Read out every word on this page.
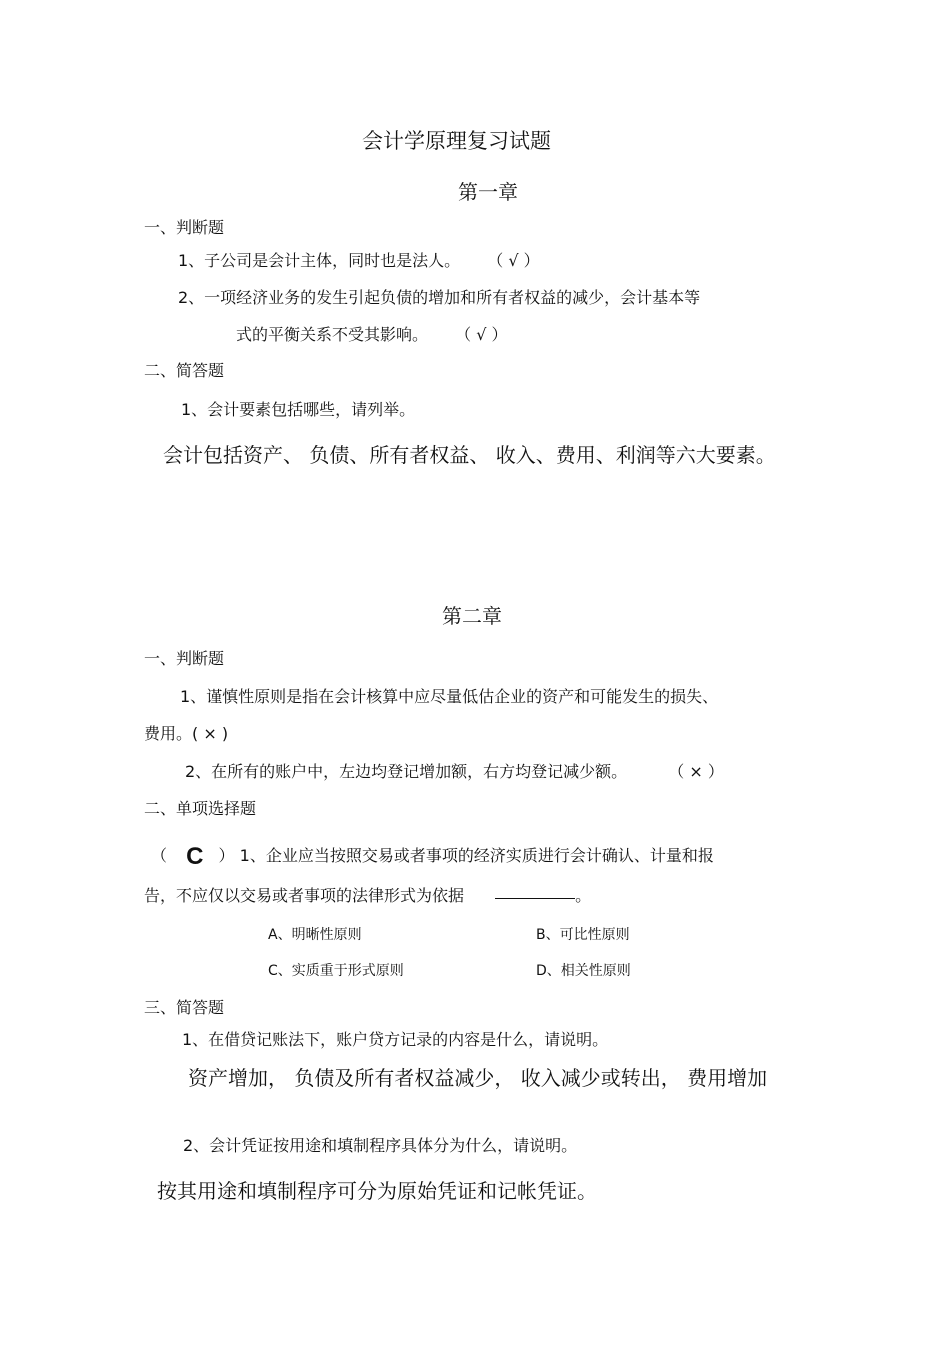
会计学原理复习试题
第一章
一、判断题
1、子公司是会计主体，同时也是法人。 （ √ ）
2、一项经济业务的发生引起负债的增加和所有者权益的减少，会计基本等
式的平衡关系不受其影响。 （ √ ）
二、简答题
1、会计要素包括哪些，请列举。
会计包括资产、 负债、所有者权益、 收入、费用、利润等六大要素。
第二章
一、判断题
1、谨慎性原则是指在会计核算中应尽量低估企业的资产和可能发生的损失、
费用。( × )
2、在所有的账户中，左边均登记增加额，右方均登记减少额。	（ × ）
二、单项选择题
（ C ） 1、企业应当按照交易或者事项的经济实质进行会计确认、计量和报
告，不应仅以交易或者事项的法律形式为依据	。
A、明晰性原则	B、可比性原则
C、实质重于形式原则	D、相关性原则
三、简答题
1、在借贷记账法下，账户贷方记录的内容是什么，请说明。
资产增加， 负债及所有者权益减少， 收入减少或转出， 费用增加
2、会计凭证按用途和填制程序具体分为什么，请说明。
按其用途和填制程序可分为原始凭证和记帐凭证。
